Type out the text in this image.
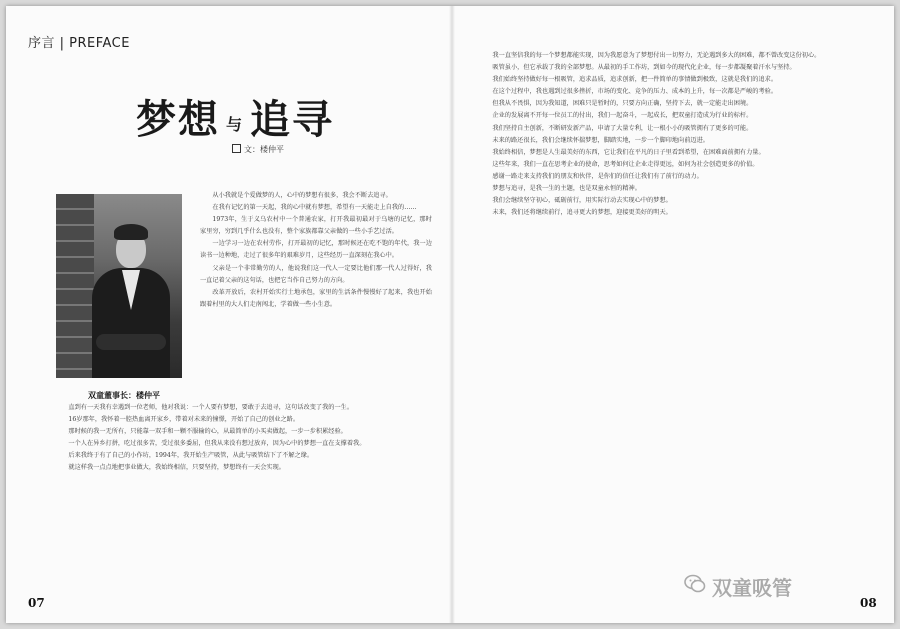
序言 | PREFACE
梦想 与 追寻
文：楼仲平
双童董事长：楼仲平

从小我就是个爱做梦的人，心中的梦想有很多，我会不断去追寻。

在我有记忆的第一天起，我的心中就有梦想，希望有一天能走上自我的……

1973年，生于义乌农村中一个普通农家，打开我最初最对于乌塘的记忆，那时家里穷，穷到几乎什么也没有，整个家族都靠父亲做的一些小手艺过活。

一边学习一边在农村劳作，打开最初的记忆，那时候还在吃不饱的年代，我一边读书一边种地，走过了很多年的艰难岁月，这些经历一直深刻在我心中。

父亲是一个非常勤劳的人，他说我们这一代人一定要比他们那一代人过得好，我一直记着父亲的这句话，也把它当作自己努力的方向。

改革开放后，农村开始实行土地承包，家里的生活条件慢慢好了起来，我也开始跟着村里的大人们走南闯北，学着做一些小生意。

直到有一天我有幸遇到一位老师，他对我说：一个人要有梦想，要敢于去追寻，这句话改变了我的一生。

16岁那年，我怀着一腔热血离开家乡，带着对未来的憧憬，开始了自己的创业之路。

那时候的我一无所有，只能靠一双手和一颗不服输的心，从最简单的小买卖做起，一步一步积累经验。

一个人在异乡打拼，吃过很多苦，受过很多委屈，但我从来没有想过放弃，因为心中的梦想一直在支撑着我。

后来我终于有了自己的小作坊，1994年，我开始生产吸管，从此与吸管结下了不解之缘。

就这样我一点点地把事业做大，我始终相信，只要坚持，梦想终有一天会实现。

我一直坚信我的每一个梦想都能实现，因为我愿意为了梦想付出一切努力，无论遇到多大的困难，都不曾改变这份初心。

吸管虽小，但它承载了我的全部梦想。从最初的手工作坊，到如今的现代化企业，每一步都凝聚着汗水与坚持。

我们始终坚持做好每一根吸管，追求品质，追求创新，把一件简单的事情做到极致，这就是我们的追求。

在这个过程中，我也遇到过很多挫折，市场的变化、竞争的压力、成本的上升，每一次都是严峻的考验。

但我从不畏惧，因为我知道，困难只是暂时的，只要方向正确，坚持下去，就一定能走出困境。

企业的发展离不开每一位员工的付出，我们一起奋斗，一起成长，把双童打造成为行业的标杆。

我们坚持自主创新，不断研发新产品，申请了大量专利，让一根小小的吸管拥有了更多的可能。

未来的路还很长，我们会继续怀揣梦想，脚踏实地，一步一个脚印地向前迈进。

我始终相信，梦想是人生最美好的东西，它让我们在平凡的日子里看到希望，在困难面前拥有力量。

这些年来，我们一直在思考企业的使命，思考如何让企业走得更远，如何为社会创造更多的价值。

感谢一路走来支持我们的朋友和伙伴，是你们的信任让我们有了前行的动力。

梦想与追寻，是我一生的主题，也是双童永恒的精神。

我们会继续坚守初心，砥砺前行，用实际行动去实现心中的梦想。

未来，我们还将继续前行，追寻更大的梦想，迎接更美好的明天。

07	08
双童吸管
